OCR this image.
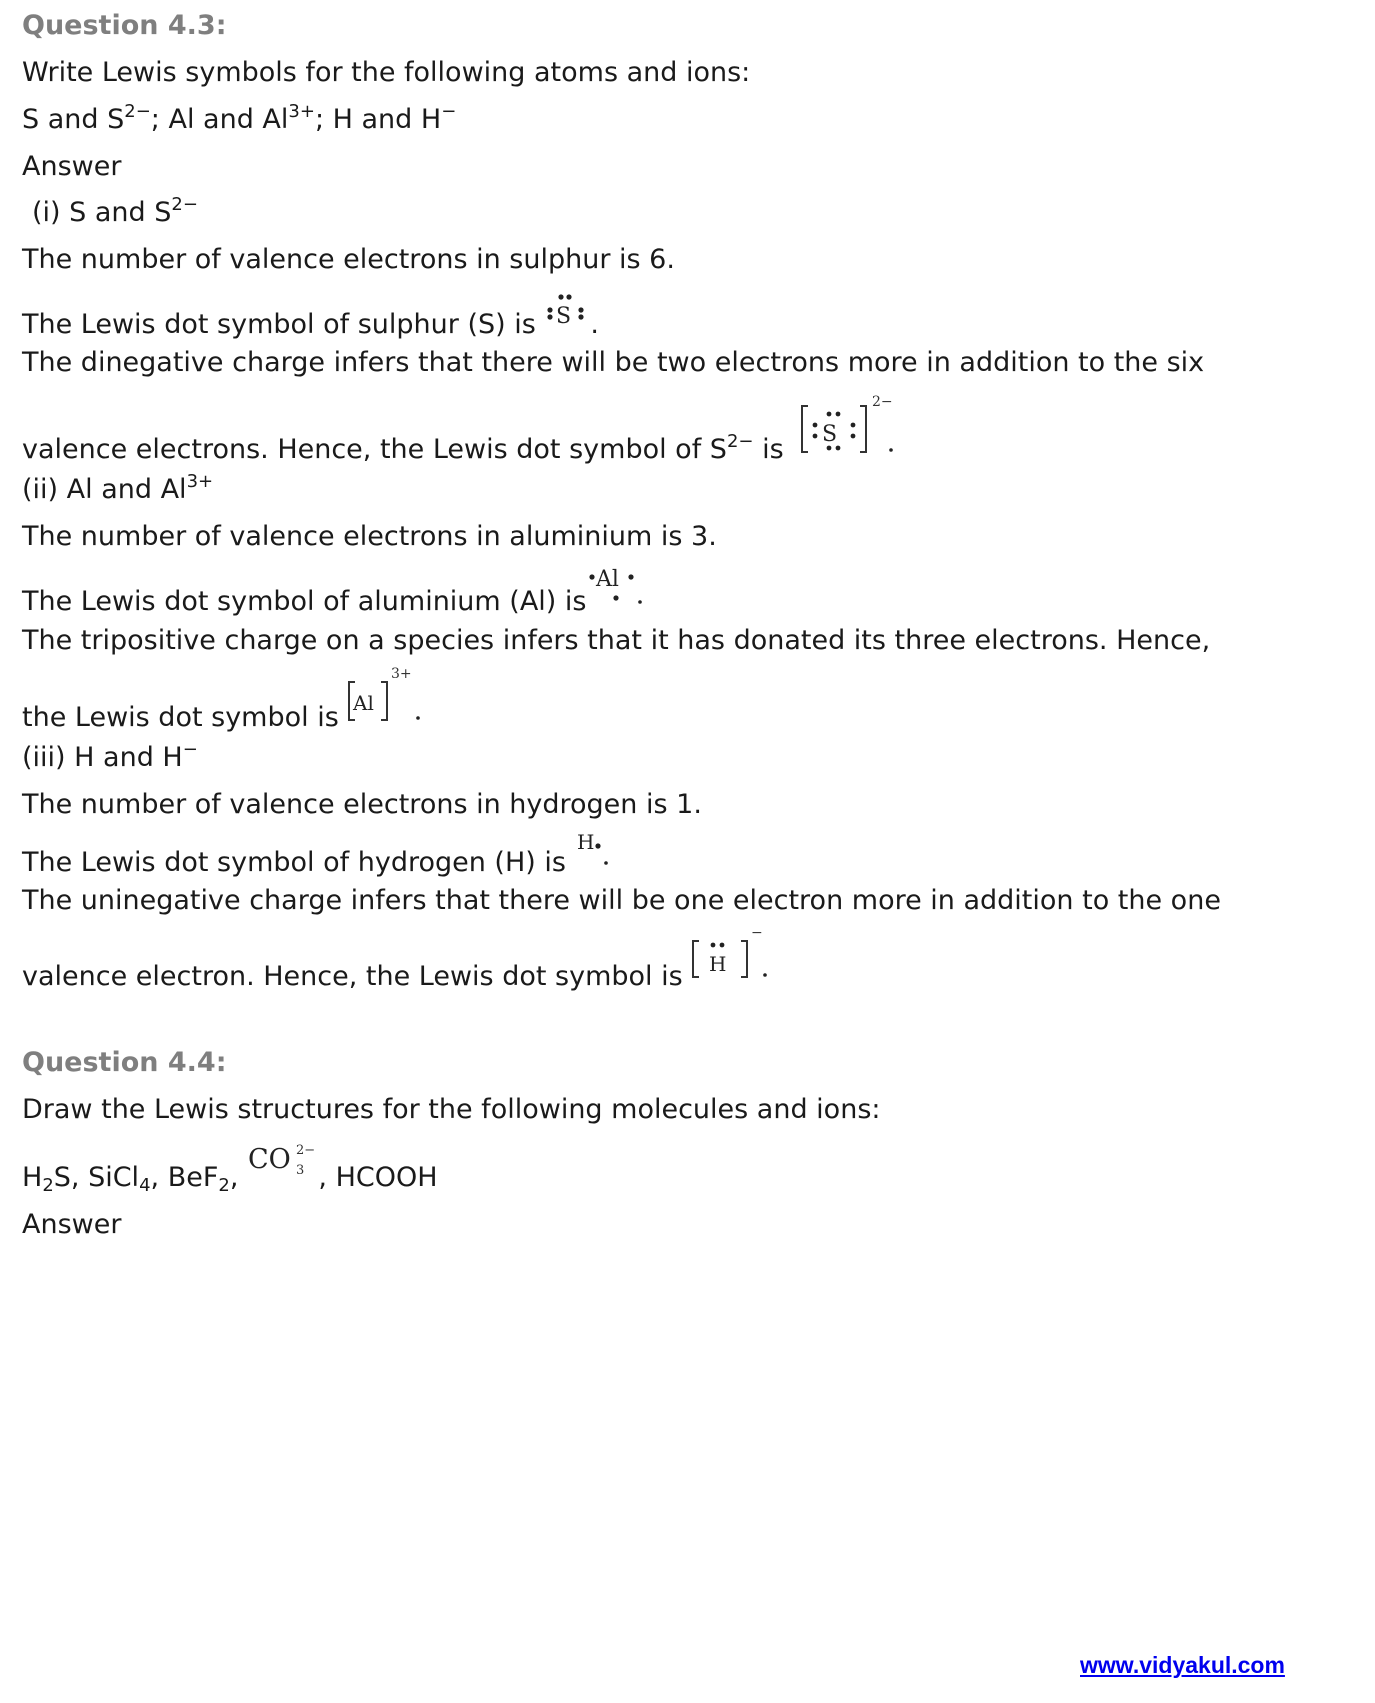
Question 4.3:
Write Lewis symbols for the following atoms and ions:
S and $S^{2-}$; Al and $Al^{3+}$; H and H−
Answer
(i) S and $S^{2-}$
The number of valence electrons in sulphur is 6.
The Lewis dot symbol of sulphur (S) is S .
The dinegative charge infers that there will be two electrons more in addition to the six
valence electrons. Hence, the Lewis dot symbol of $S^{2-}$ is S
2−
(ii) Al and $Al^{3+}$
The number of valence electrons in aluminium is 3.
The Lewis dot symbol of aluminium (Al) is
Al
The tripositive charge on a species infers that it has donated its three electrons. Hence,
the Lewis dot symbol is Al
3+
(iii) H and H−
The number of valence electrons in hydrogen is 1.
The Lewis dot symbol of hydrogen (H) is
H
The uninegative charge infers that there will be one electron more in addition to the one
valence electron. Hence, the Lewis dot symbol is H
−
Question 4.4:
Draw the Lewis structures for the following molecules and ions:
$H_2S$, SiCl$_4$, BeF$_2$,
CO 2−
3 , HCOOH
Answer
www.vidyakul.com
